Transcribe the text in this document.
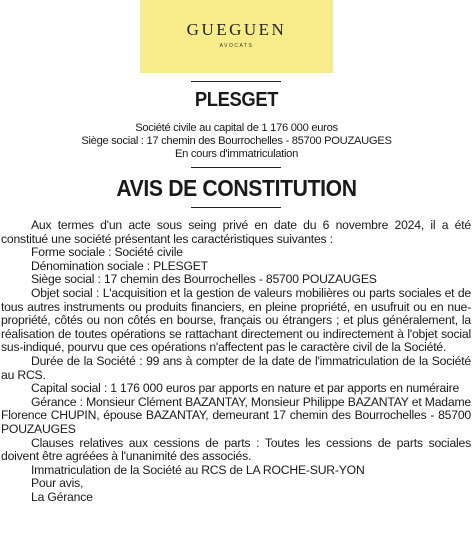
GUEGUEN
AVOCATS
PLESGET
Société civile au capital de 1 176 000 euros
Siège social : 17 chemin des Bourrochelles - 85700 POUZAUGES
En cours d'immatriculation
AVIS DE CONSTITUTION

Aux termes d'un acte sous seing privé en date du 6 novembre 2024, il a été constitué une société présentant les caractéristiques suivantes :

Forme sociale : Société civile

Dénomination sociale : PLESGET

Siège social : 17 chemin des Bourrochelles - 85700 POUZAUGES

Objet social : L'acquisition et la gestion de valeurs mobilières ou parts sociales et de tous autres instruments ou produits financiers, en pleine propriété, en usufruit ou en nue-propriété, côtés ou non côtés en bourse, français ou étrangers ; et plus généralement, la réalisation de toutes opérations se rattachant directement ou indirectement à l'objet social sus-indiqué, pourvu que ces opérations n'affectent pas le caractère civil de la Société.

Durée de la Société : 99 ans à compter de la date de l'immatriculation de la Société au RCS.

Capital social : 1 176 000 euros par apports en nature et par apports en numéraire

Gérance : Monsieur Clément BAZANTAY, Monsieur Philippe BAZANTAY et Madame Florence CHUPIN, épouse BAZANTAY, demeurant 17 chemin des Bourrochelles - 85700 POUZAUGES

Clauses relatives aux cessions de parts : Toutes les cessions de parts sociales doivent être agréées à l'unanimité des associés.

Immatriculation de la Société au RCS de LA ROCHE-SUR-YON

Pour avis,

La Gérance
